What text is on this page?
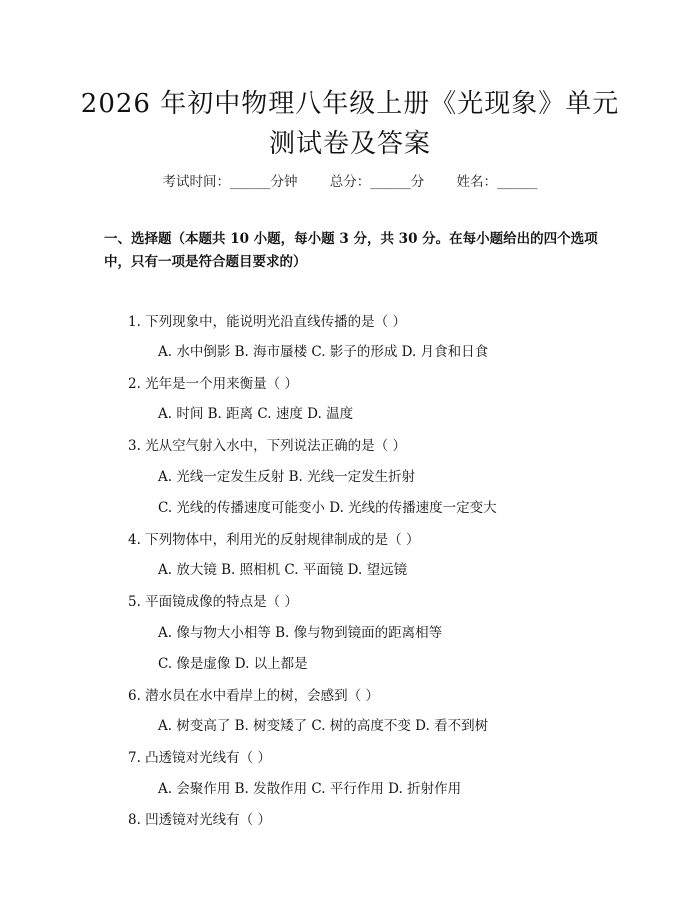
2026 年初中物理八年级上册《光现象》单元
测试卷及答案
考试时间：______分钟 总分：______分 姓名：______
一、选择题（本题共 10 小题，每小题 3 分，共 30 分。在每小题给出的四个选项
中，只有一项是符合题目要求的）
1. 下列现象中，能说明光沿直线传播的是（ ）
A. 水中倒影 B. 海市蜃楼 C. 影子的形成 D. 月食和日食
2. 光年是一个用来衡量（ ）
A. 时间 B. 距离 C. 速度 D. 温度
3. 光从空气射入水中，下列说法正确的是（ ）
A. 光线一定发生反射 B. 光线一定发生折射
C. 光线的传播速度可能变小 D. 光线的传播速度一定变大
4. 下列物体中，利用光的反射规律制成的是（ ）
A. 放大镜 B. 照相机 C. 平面镜 D. 望远镜
5. 平面镜成像的特点是（ ）
A. 像与物大小相等 B. 像与物到镜面的距离相等
C. 像是虚像 D. 以上都是
6. 潜水员在水中看岸上的树，会感到（ ）
A. 树变高了 B. 树变矮了 C. 树的高度不变 D. 看不到树
7. 凸透镜对光线有（ ）
A. 会聚作用 B. 发散作用 C. 平行作用 D. 折射作用
8. 凹透镜对光线有（ ）
